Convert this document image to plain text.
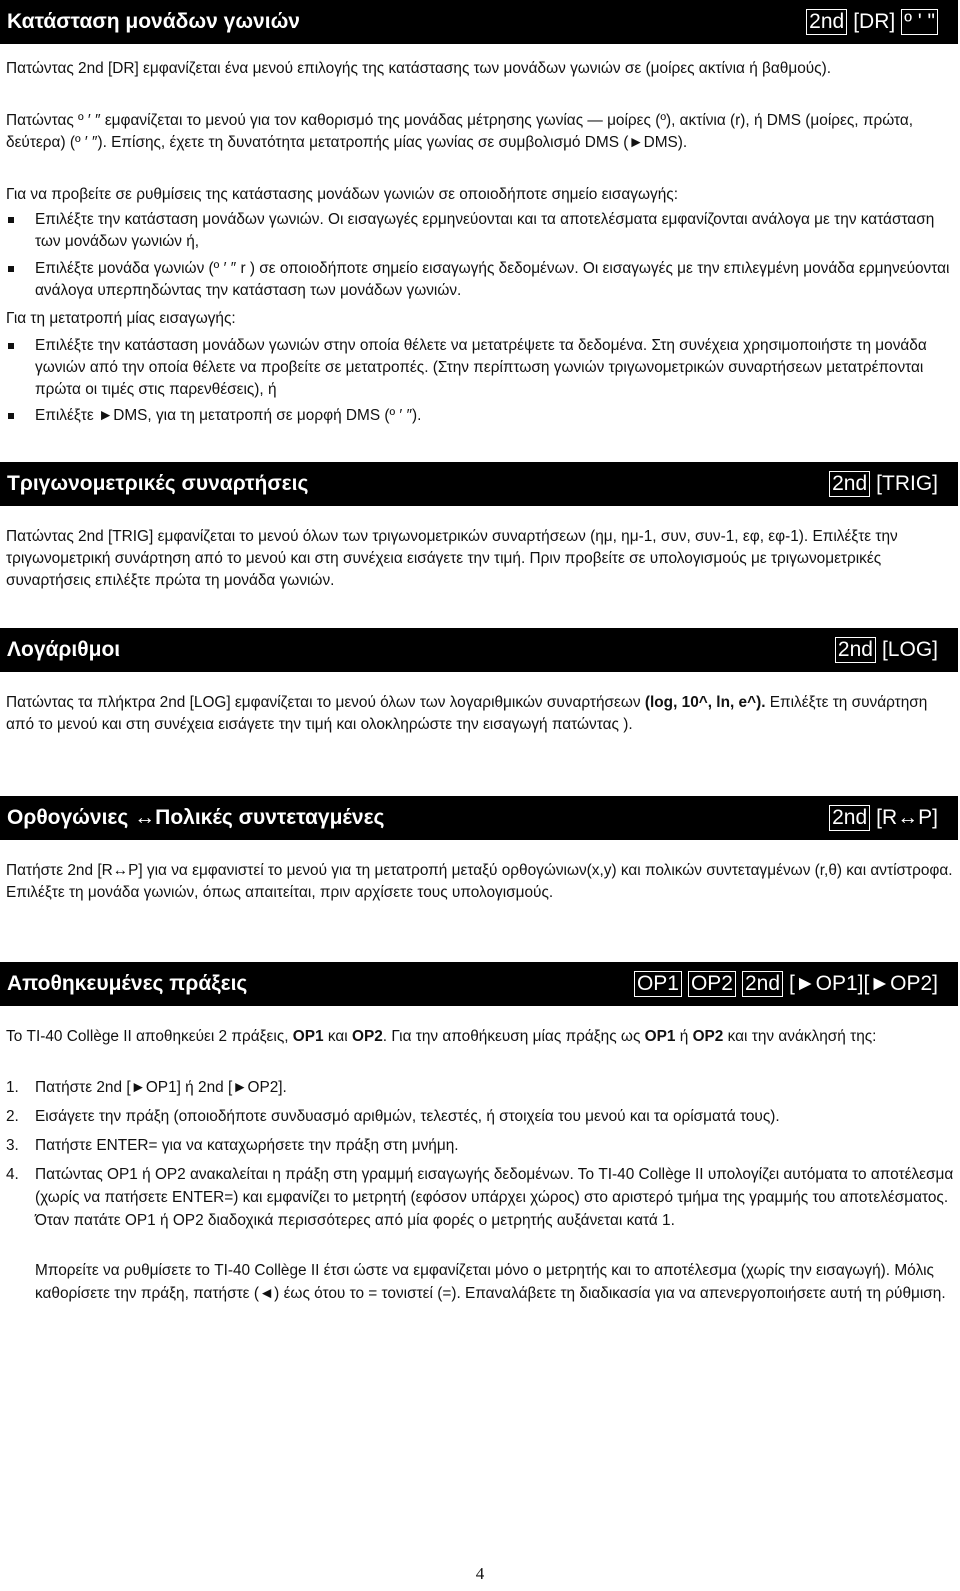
Κατάσταση μονάδων γωνιών	2nd [DR] º ' "
Πατώντας 2nd [DR] εμφανίζεται ένα μενού επιλογής της κατάστασης των μονάδων γωνιών σε (μοίρες ακτίνια ή βαθμούς).
Πατώντας º ′ ″ εμφανίζεται το μενού για τον καθορισμό της μονάδας μέτρησης γωνίας — μοίρες (º), ακτίνια (r), ή DMS (μοίρες, πρώτα, δεύτερα) (º ′ ″). Επίσης, έχετε τη δυνατότητα μετατροπής μίας γωνίας σε συμβολισμό DMS (►DMS).
Για να προβείτε σε ρυθμίσεις της κατάστασης μονάδων γωνιών σε οποιοδήποτε σημείο εισαγωγής:
Επιλέξτε την κατάσταση μονάδων γωνιών. Οι εισαγωγές ερμηνεύονται και τα αποτελέσματα εμφανίζονται ανάλογα με την κατάσταση των μονάδων γωνιών ή,
Επιλέξτε μονάδα γωνιών (º ′ ″ r ) σε οποιοδήποτε σημείο εισαγωγής δεδομένων. Οι εισαγωγές με την επιλεγμένη μονάδα ερμηνεύονται ανάλογα υπερπηδώντας την κατάσταση των μονάδων γωνιών.
Για τη μετατροπή μίας εισαγωγής:
Επιλέξτε την κατάσταση μονάδων γωνιών στην οποία θέλετε να μετατρέψετε τα δεδομένα. Στη συνέχεια χρησιμοποιήστε τη μονάδα γωνιών από την οποία θέλετε να προβείτε σε μετατροπές. (Στην περίπτωση γωνιών τριγωνομετρικών συναρτήσεων μετατρέπονται πρώτα οι τιμές στις παρενθέσεις), ή
Επιλέξτε ►DMS, για τη μετατροπή σε μορφή DMS (º ′ ″).
Τριγωνομετρικές συναρτήσεις	2nd [TRIG]
Πατώντας 2nd [TRIG] εμφανίζεται το μενού όλων των τριγωνομετρικών συναρτήσεων (ημ, ημ-1, συν, συν-1, εφ, εφ-1). Επιλέξτε την τριγωνομετρική συνάρτηση από το μενού και στη συνέχεια εισάγετε την τιμή. Πριν προβείτε σε υπολογισμούς με τριγωνομετρικές συναρτήσεις επιλέξτε πρώτα τη μονάδα γωνιών.
Λογάριθμοι	2nd [LOG]
Πατώντας τα πλήκτρα 2nd [LOG] εμφανίζεται το μενού όλων των λογαριθμικών συναρτήσεων (log, 10^, ln, e^). Επιλέξτε τη συνάρτηση από το μενού και στη συνέχεια εισάγετε την τιμή και ολοκληρώστε την εισαγωγή πατώντας ).
Ορθογώνιες ↔Πολικές συντεταγμένες	2nd [R↔P]
Πατήστε 2nd [R↔P] για να εμφανιστεί το μενού για τη μετατροπή μεταξύ ορθογώνιων(x,y) και πολικών συντεταγμένων (r,θ) και αντίστροφα. Επιλέξτε τη μονάδα γωνιών, όπως απαιτείται, πριν αρχίσετε τους υπολογισμούς.
Αποθηκευμένες πράξεις	OP1 OP2 2nd [►OP1][►OP2]
Το TI-40 Collège II αποθηκεύει 2 πράξεις, OP1 και OP2. Για την αποθήκευση μίας πράξης ως OP1 ή OP2 και την ανάκλησή της:
1. Πατήστε 2nd [►OP1] ή 2nd [►OP2].
2. Εισάγετε την πράξη (οποιοδήποτε συνδυασμό αριθμών, τελεστές, ή στοιχεία του μενού και τα ορίσματά τους).
3. Πατήστε ENTER= για να καταχωρήσετε την πράξη στη μνήμη.
4. Πατώντας OP1 ή OP2 ανακαλείται η πράξη στη γραμμή εισαγωγής δεδομένων. Το TI-40 Collège II υπολογίζει αυτόματα το αποτέλεσμα (χωρίς να πατήσετε ENTER=) και εμφανίζει το μετρητή (εφόσον υπάρχει χώρος) στο αριστερό τμήμα της γραμμής του αποτελέσματος. Όταν πατάτε OP1 ή OP2 διαδοχικά περισσότερες από μία φορές ο μετρητής αυξάνεται κατά 1.
Μπορείτε να ρυθμίσετε το TI-40 Collège II έτσι ώστε να εμφανίζεται μόνο ο μετρητής και το αποτέλεσμα (χωρίς την εισαγωγή). Μόλις καθορίσετε την πράξη, πατήστε (◄) έως ότου το = τονιστεί (=). Επαναλάβετε τη διαδικασία για να απενεργοποιήσετε αυτή τη ρύθμιση.
4
